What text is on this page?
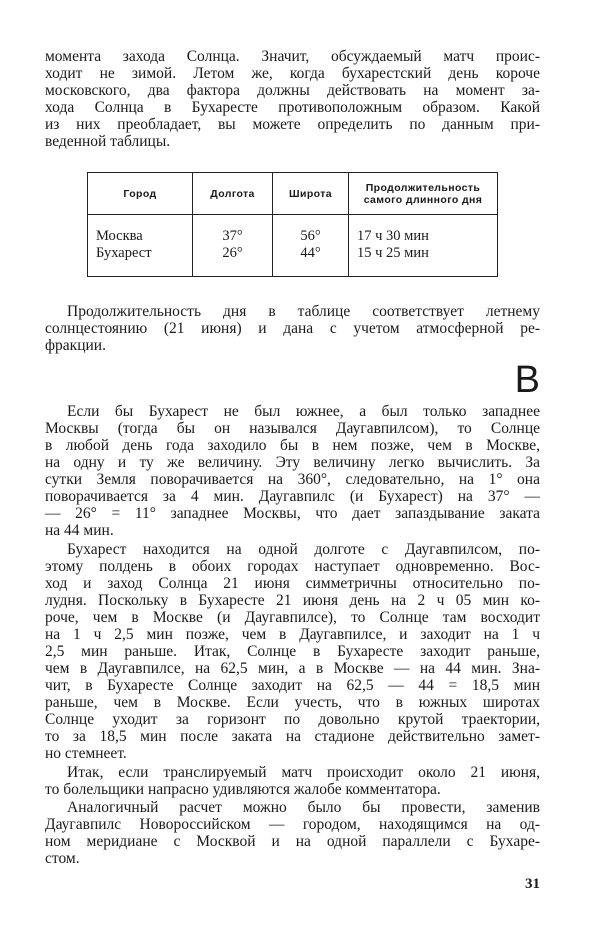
момента захода Солнца. Значит, обсуждаемый матч проис-
ходит не зимой. Летом же, когда бухарестский день короче
московского, два фактора должны действовать на момент за-
хода Солнца в Бухаресте противоположным образом. Какой
из них преобладает, вы можете определить по данным при-
веденной таблицы.
Город	Долгота	Широта	Продолжительность самого длинного дня
Москва	37°	56°	17 ч 30 мин
Бухарест	26°	44°	15 ч 25 мин
Продолжительность дня в таблице соответствует летнему
солнцестоянию (21 июня) и дана с учетом атмосферной ре-
фракции.
В
Если бы Бухарест не был южнее, а был только западнее
Москвы (тогда бы он назывался Даугавпилсом), то Солнце
в любой день года заходило бы в нем позже, чем в Москве,
на одну и ту же величину. Эту величину легко вычислить. За
сутки Земля поворачивается на 360°, следовательно, на 1° она
поворачивается за 4 мин. Даугавпилс (и Бухарест) на 37° —
— 26° = 11° западнее Москвы, что дает запаздывание заката
на 44 мин.
Бухарест находится на одной долготе с Даугавпилсом, по-
этому полдень в обоих городах наступает одновременно. Вос-
ход и заход Солнца 21 июня симметричны относительно по-
лудня. Поскольку в Бухаресте 21 июня день на 2 ч 05 мин ко-
роче, чем в Москве (и Даугавпилсе), то Солнце там восходит
на 1 ч 2,5 мин позже, чем в Даугавпилсе, и заходит на 1 ч
2,5 мин раньше. Итак, Солнце в Бухаресте заходит раньше,
чем в Даугавпилсе, на 62,5 мин, а в Москве — на 44 мин. Зна-
чит, в Бухаресте Солнце заходит на 62,5 — 44 = 18,5 мин
раньше, чем в Москве. Если учесть, что в южных широтах
Солнце уходит за горизонт по довольно крутой траектории,
то за 18,5 мин после заката на стадионе действительно замет-
но стемнеет.
Итак, если транслируемый матч происходит около 21 июня,
то болельщики напрасно удивляются жалобе комментатора.
Аналогичный расчет можно было бы провести, заменив
Даугавпилс Новороссийском — городом, находящимся на од-
ном меридиане с Москвой и на одной параллели с Бухаре-
стом.
31
